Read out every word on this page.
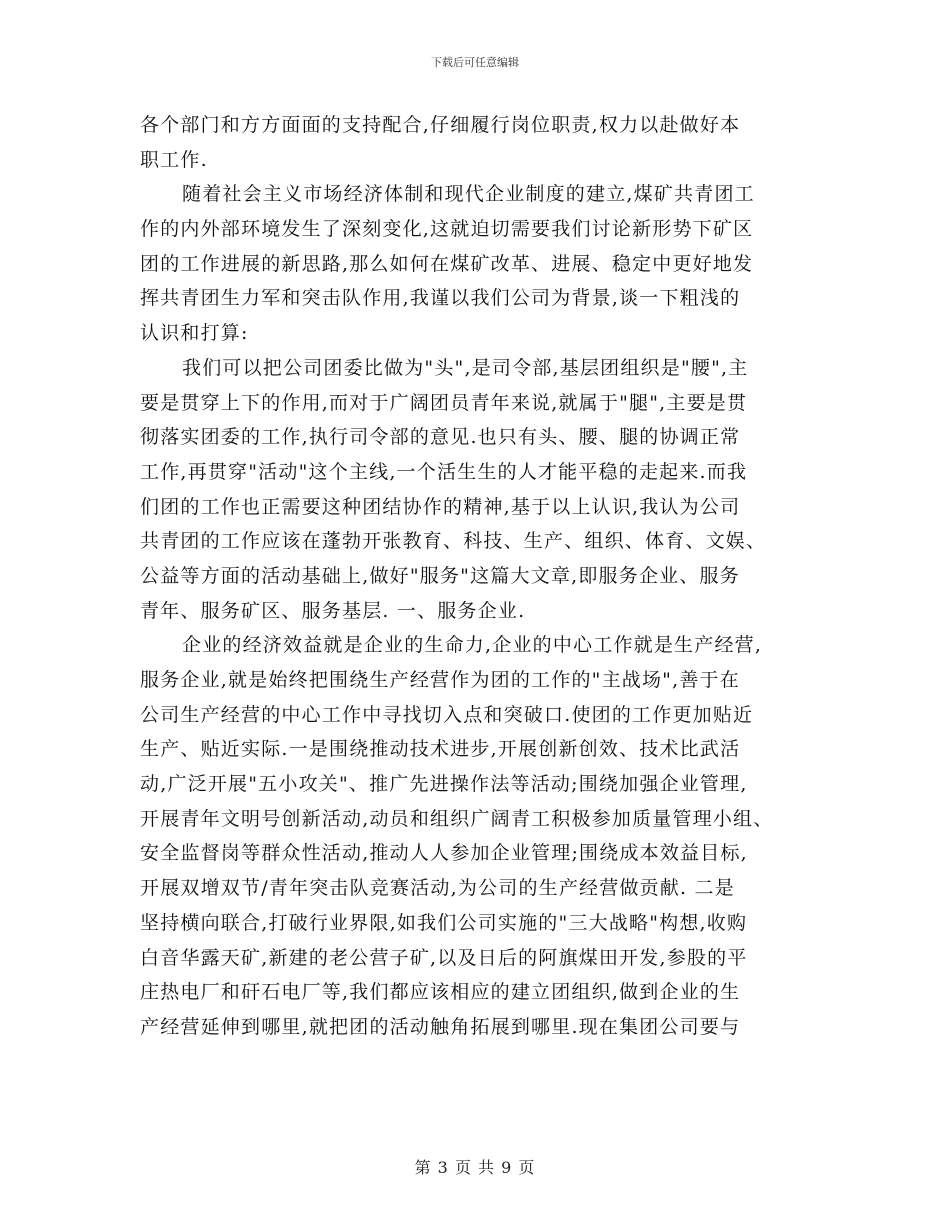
下载后可任意编辑
各个部门和方方面面的支持配合,仔细履行岗位职责,权力以赴做好本
职工作.
随着社会主义市场经济体制和现代企业制度的建立,煤矿共青团工
作的内外部环境发生了深刻变化,这就迫切需要我们讨论新形势下矿区
团的工作进展的新思路,那么如何在煤矿改革、进展、稳定中更好地发
挥共青团生力军和突击队作用,我谨以我们公司为背景,谈一下粗浅的
认识和打算:
我们可以把公司团委比做为"头",是司令部,基层团组织是"腰",主
要是贯穿上下的作用,而对于广阔团员青年来说,就属于"腿",主要是贯
彻落实团委的工作,执行司令部的意见.也只有头、腰、腿的协调正常
工作,再贯穿"活动"这个主线,一个活生生的人才能平稳的走起来.而我
们团的工作也正需要这种团结协作的精神,基于以上认识,我认为公司
共青团的工作应该在蓬勃开张教育、科技、生产、组织、体育、文娱、
公益等方面的活动基础上,做好"服务"这篇大文章,即服务企业、服务
青年、服务矿区、服务基层. 一、服务企业.
企业的经济效益就是企业的生命力,企业的中心工作就是生产经营,
服务企业,就是始终把围绕生产经营作为团的工作的"主战场",善于在
公司生产经营的中心工作中寻找切入点和突破口.使团的工作更加贴近
生产、贴近实际.一是围绕推动技术进步,开展创新创效、技术比武活
动,广泛开展"五小攻关"、推广先进操作法等活动;围绕加强企业管理,
开展青年文明号创新活动,动员和组织广阔青工积极参加质量管理小组、
安全监督岗等群众性活动,推动人人参加企业管理;围绕成本效益目标,
开展双增双节/青年突击队竞赛活动,为公司的生产经营做贡献. 二是
坚持横向联合,打破行业界限,如我们公司实施的"三大战略"构想,收购
白音华露天矿,新建的老公营子矿,以及日后的阿旗煤田开发,参股的平
庄热电厂和矸石电厂等,我们都应该相应的建立团组织,做到企业的生
产经营延伸到哪里,就把团的活动触角拓展到哪里.现在集团公司要与
第 3 页 共 9 页
